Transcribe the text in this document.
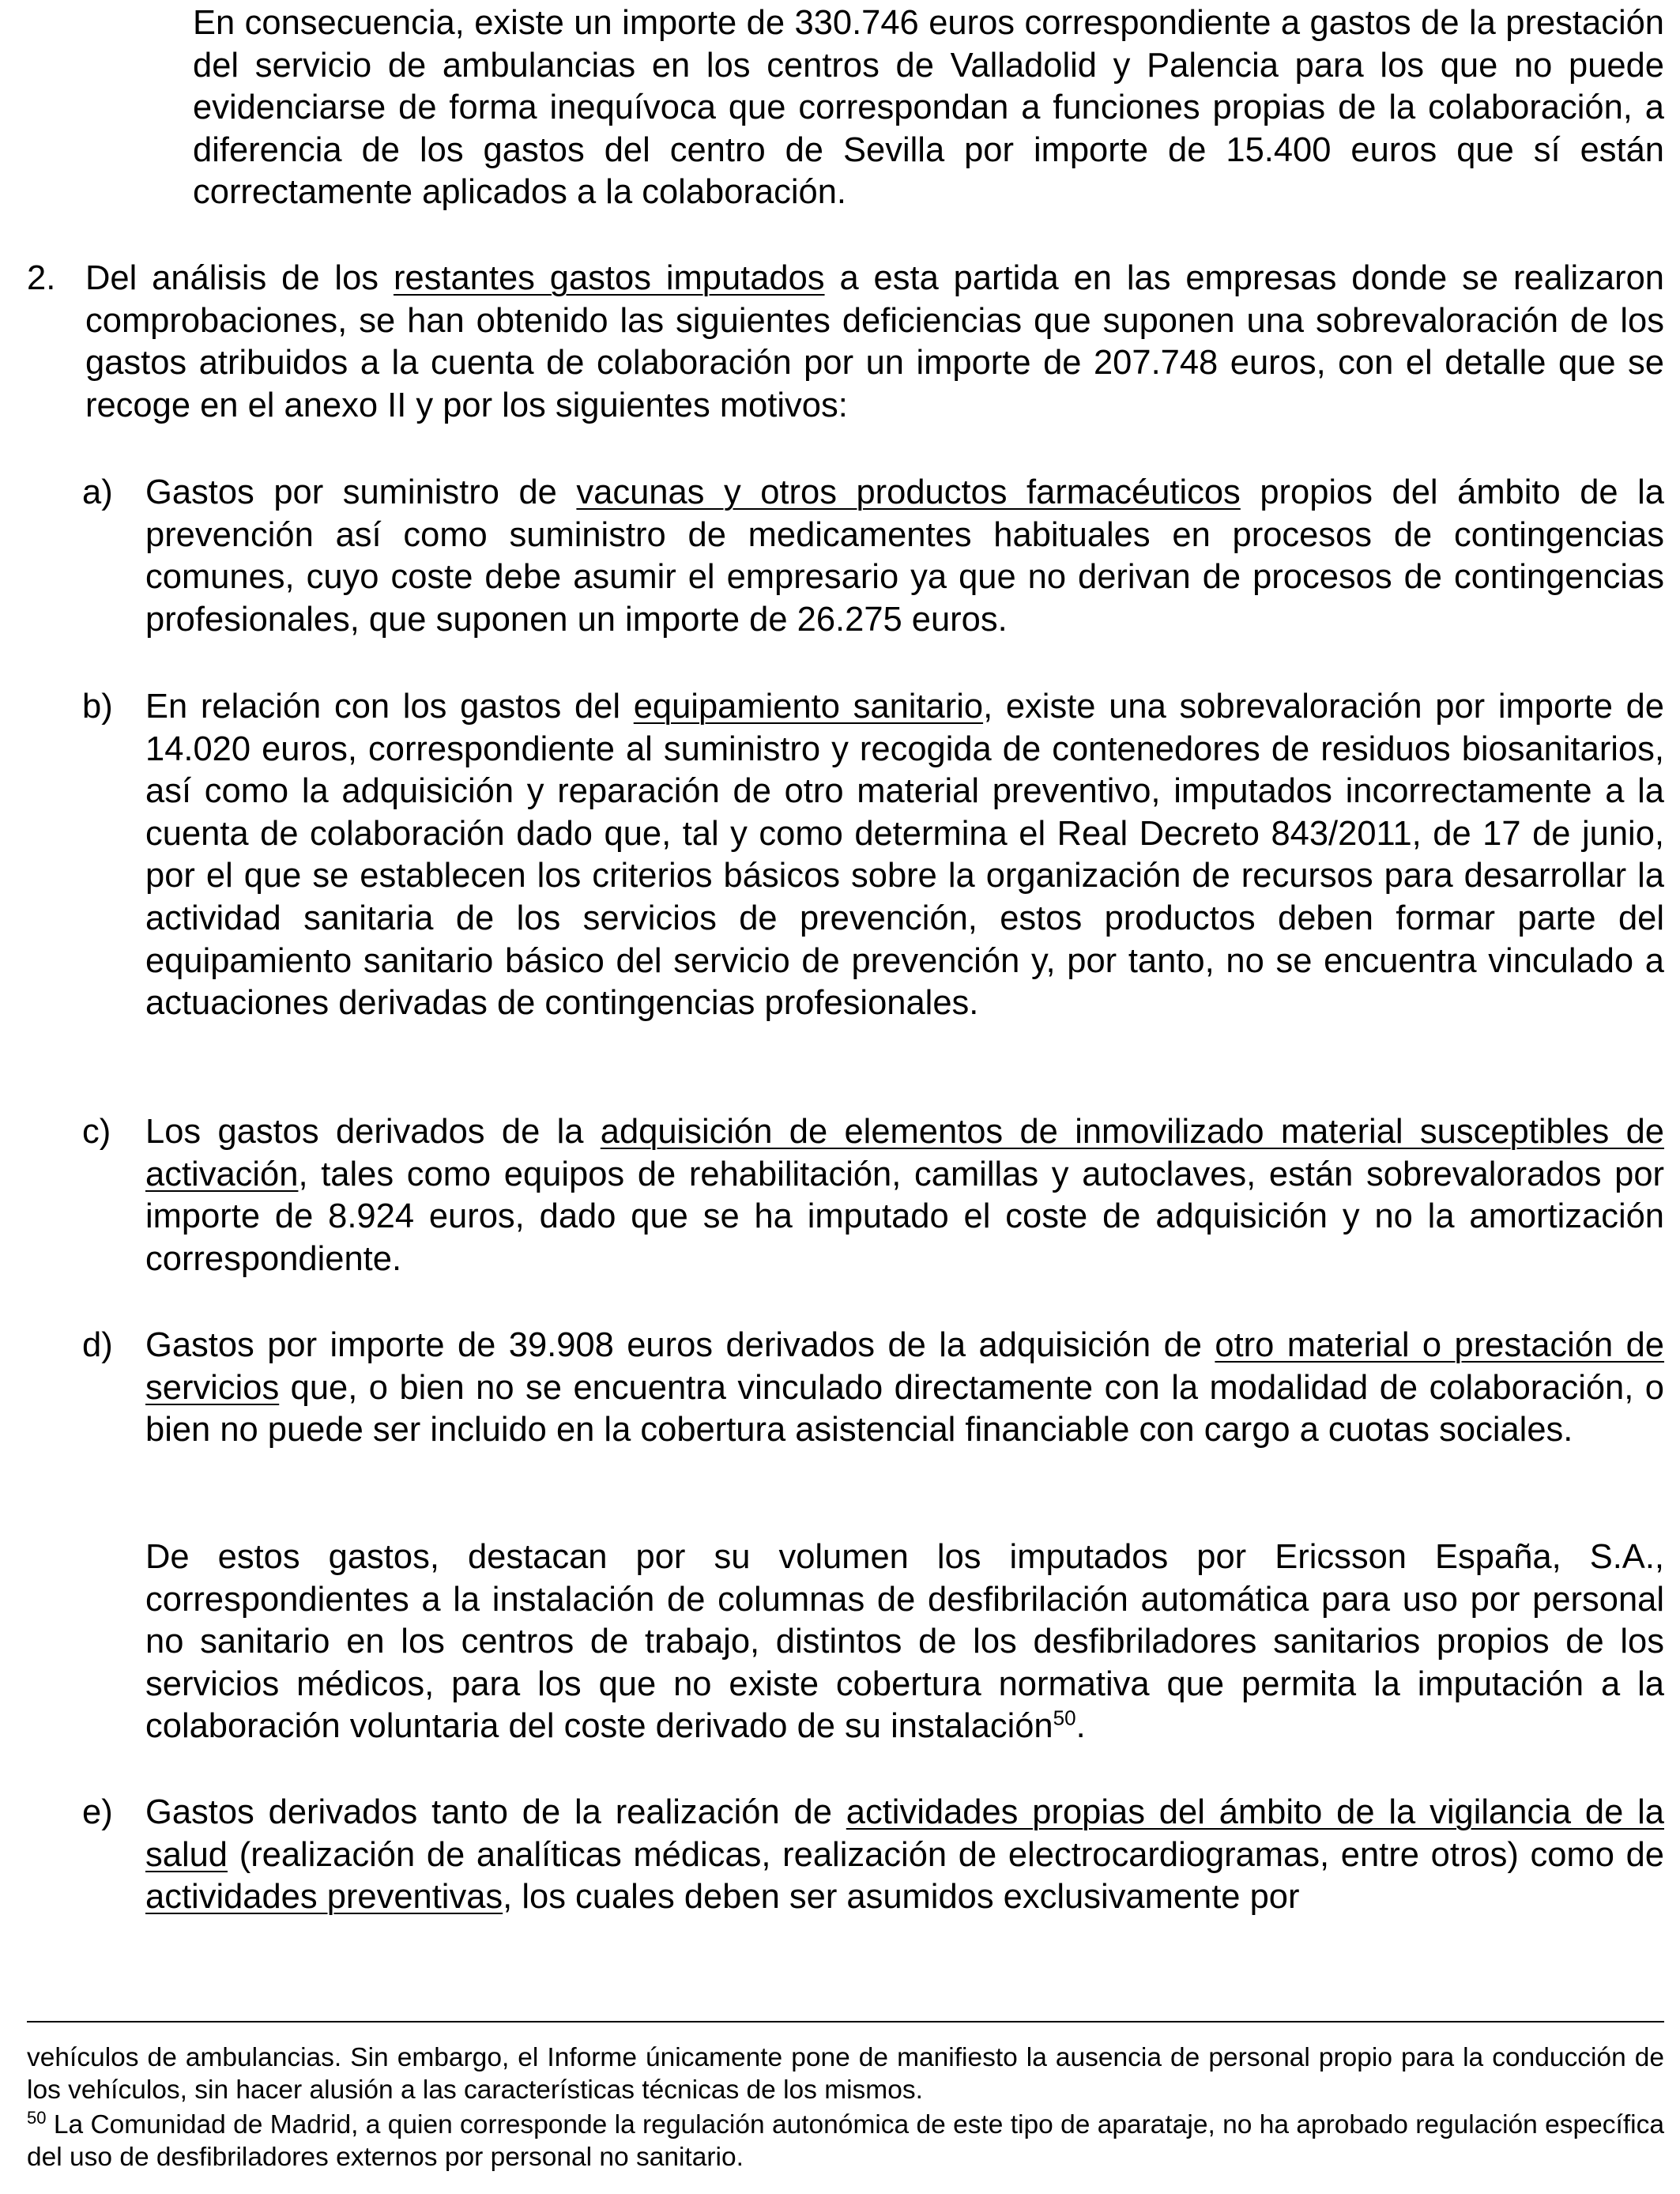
En consecuencia, existe un importe de 330.746 euros correspondiente a gastos de la prestación del servicio de ambulancias en los centros de Valladolid y Palencia para los que no puede evidenciarse de forma inequívoca que correspondan a funciones propias de la colaboración, a diferencia de los gastos del centro de Sevilla por importe de 15.400 euros que sí están correctamente aplicados a la colaboración.

2. Del análisis de los restantes gastos imputados a esta partida en las empresas donde se realizaron comprobaciones, se han obtenido las siguientes deficiencias que suponen una sobrevaloración de los gastos atribuidos a la cuenta de colaboración por un importe de 207.748 euros, con el detalle que se recoge en el anexo II y por los siguientes motivos:
a) Gastos por suministro de vacunas y otros productos farmacéuticos propios del ámbito de la prevención así como suministro de medicamentes habituales en procesos de contingencias comunes, cuyo coste debe asumir el empresario ya que no derivan de procesos de contingencias profesionales, que suponen un importe de 26.275 euros.
b) En relación con los gastos del equipamiento sanitario, existe una sobrevaloración por importe de 14.020 euros, correspondiente al suministro y recogida de contenedores de residuos biosanitarios, así como la adquisición y reparación de otro material preventivo, imputados incorrectamente a la cuenta de colaboración dado que, tal y como determina el Real Decreto 843/2011, de 17 de junio, por el que se establecen los criterios básicos sobre la organización de recursos para desarrollar la actividad sanitaria de los servicios de prevención, estos productos deben formar parte del equipamiento sanitario básico del servicio de prevención y, por tanto, no se encuentra vinculado a actuaciones derivadas de contingencias profesionales.
c) Los gastos derivados de la adquisición de elementos de inmovilizado material susceptibles de activación, tales como equipos de rehabilitación, camillas y autoclaves, están sobrevalorados por importe de 8.924 euros, dado que se ha imputado el coste de adquisición y no la amortización correspondiente.
d) Gastos por importe de 39.908 euros derivados de la adquisición de otro material o prestación de servicios que, o bien no se encuentra vinculado directamente con la modalidad de colaboración, o bien no puede ser incluido en la cobertura asistencial financiable con cargo a cuotas sociales.

De estos gastos, destacan por su volumen los imputados por Ericsson España, S.A., correspondientes a la instalación de columnas de desfibrilación automática para uso por personal no sanitario en los centros de trabajo, distintos de los desfibriladores sanitarios propios de los servicios médicos, para los que no existe cobertura normativa que permita la imputación a la colaboración voluntaria del coste derivado de su instalación$^{50}$.

e) Gastos derivados tanto de la realización de actividades propias del ámbito de la vigilancia de la salud (realización de analíticas médicas, realización de electrocardiogramas, entre otros) como de actividades preventivas, los cuales deben ser asumidos exclusivamente por

vehículos de ambulancias. Sin embargo, el Informe únicamente pone de manifiesto la ausencia de personal propio para la conducción de los vehículos, sin hacer alusión a las características técnicas de los mismos.

$^{50}$ La Comunidad de Madrid, a quien corresponde la regulación autonómica de este tipo de aparataje, no ha aprobado regulación específica del uso de desfibriladores externos por personal no sanitario.
